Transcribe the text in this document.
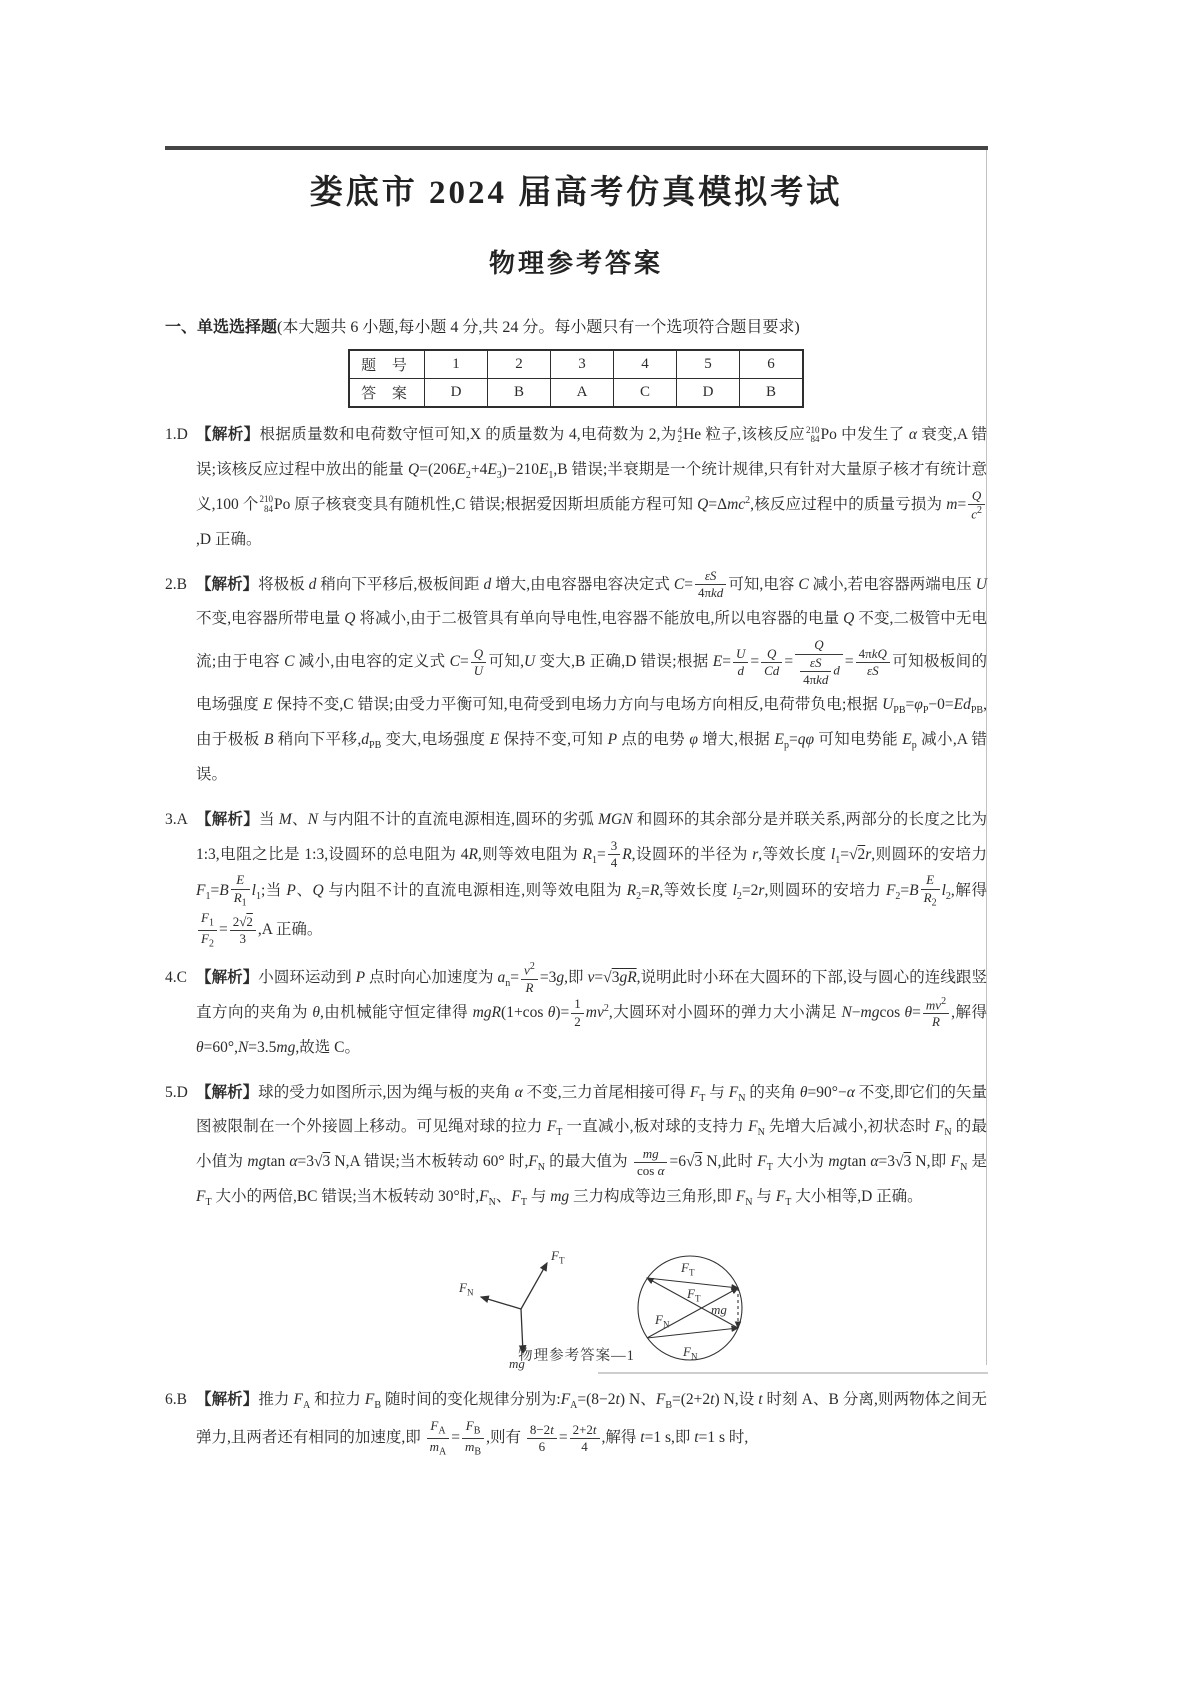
娄底市 2024 届高考仿真模拟考试
物理参考答案
一、单选选择题(本大题共 6 小题,每小题 4 分,共 24 分。每小题只有一个选项符合题目要求)
题 号	1	2	3	4	5	6
答 案	D	B	A	C	D	B
1.D 【解析】根据质量数和电荷数守恒可知,X 的质量数为 4,电荷数为 2,为 4
2 He 粒子,该核反应 210
84 Po 中发生了 α 衰变,A 错误;该核反应过程中放出的能量 $Q=(206E_2+4E_3)-210E_1,B$ 错误;半衰期是一个统计规律,只有针对大量原子核才有统计意义,100 个 210
84 Po 原子核衰变具有随机性,C 错误;根据爱因斯坦质能方程可知 Q=Δmc$^2$,核反应过程中的质量亏损为 $m= \frac{Q}{c^2}$
,D 正确。
2.B 【解析】将极板 d 稍向下平移后,极板间距 d 增大,由电容器电容决定式 C= εS
4πkd
可知,电容 C 减小,若电容器两端电压 U 不变,电容器所带电量 Q 将减小,由于二极管具有单向导电性,电容器不能放电,所以电容器的电量 Q 不变,二极管中无电流;由于电容 C 减小,由电容的定义式 $C= \frac{Q}{U}$ 可知,U 变大,B 正确,D 错误;根据 $E= \frac{U}{d} = \frac{Q}{Cd}$ =
Q
εS
4πkd
d = 4πkQ
εS
可知极板间的电场强度 E 保持不变,C 错误;由受力平衡可知,电荷受到电场力方向与电场方向相反,电荷带负电;根据 $U_{PB}=\varphi_P-0=Ed_{PB}$,由于极板 B 稍向下平移$,d_{PB}$ 变大,电场强度 E 保持不变,可知 P 点的电势 φ 增大,根据 $E_p=q\varphi$ 可知电势能 $E_p$ 减小,A 错误。
3.A 【解析】当 M、N 与内阻不计的直流电源相连,圆环的劣弧 MGN 和圆环的其余部分是并联关系,两部分的长度之比为 1:3,电阻之比是 1:3,设圆环的总电阻为 4R,则等效电阻为 $R_1= \frac{3}{4} R$,设圆环的半径为 r,等效长度 $l_1=$ √ 2r,则圆环的安培力 $F_1=B \frac{E}{R_1} l_1$;当 P、Q 与内阻不计的直流电源相连,则等效电阻为 $R_2=R$,等效长度 $l_2=2r$,则圆环的安培力 $F_2=B \frac{E}{R_2} l_2$,解得
$\frac{F_1}{F_2} = \frac{2 √ 2}{3} ,A$ 正确。
4.C 【解析】小圆环运动到 P 点时向心加速度为 $a_n= \frac{v^2}{R} =3g$,即 v= √ 3gR,说明此时小环在大圆环的下部,设与圆心的连线跟竖直方向的夹角为 θ,由机械能守恒定律得 mgR(1+cos $\theta)= \frac{1}{2} mv^2$,大圆环对小圆环的弹力大小满足 N−mgcos $\theta= \frac{mv^2}{R}$ ,解得 θ=60°,N=3.5mg,故选 C。
5.D 【解析】球的受力如图所示,因为绳与板的夹角 α 不变,三力首尾相接可得 $F_T$ 与 $F_N$ 的夹角 θ=90°−α 不变,即它们的矢量图被限制在一个外接圆上移动。可见绳对球的拉力 $F_T$ 一直减小,板对球的支持力 $F_N$ 先增大后减小,初状态时 $F_N$ 的最小值为 mgtan α=3 √ 3 N,A 错误;当木板转动 60° 时$,F_N$ 的最大值为 $\frac{mg}{\text{cos α}} =6$ √ 3 N,此时 $F_T$ 大小为 mgtan α=3 √ 3 N,即 $F_N$ 是 $F_T$ 大小的两倍,BC 错误;当木板转动 30°时$,F_N$、$F_T$ 与 mg 三力构成等边三角形,即 $F_N$ 与 $F_T$ 大小相等,D 正确。
$F_T$
$F_N$
mg
$F_T$
$F_T$
$F_N$
mg
$F_N$
6.B 【解析】推力 $F_A$ 和拉力 $F_B$ 随时间的变化规律分别为$:F_A=(8-2t)$ N、$F_B=(2+2t)$ N,设 t 时刻 A、B 分离,则两物体之间无弹力,且两者还有相同的加速度,即 $\frac{F_A}{m_A} = \frac{F_B}{m_B}$ ,则有 $\frac{8-2t}{6} = \frac{2+2t}{4}$ ,解得 t=1 s,即 t=1 s 时,
物理参考答案—1
